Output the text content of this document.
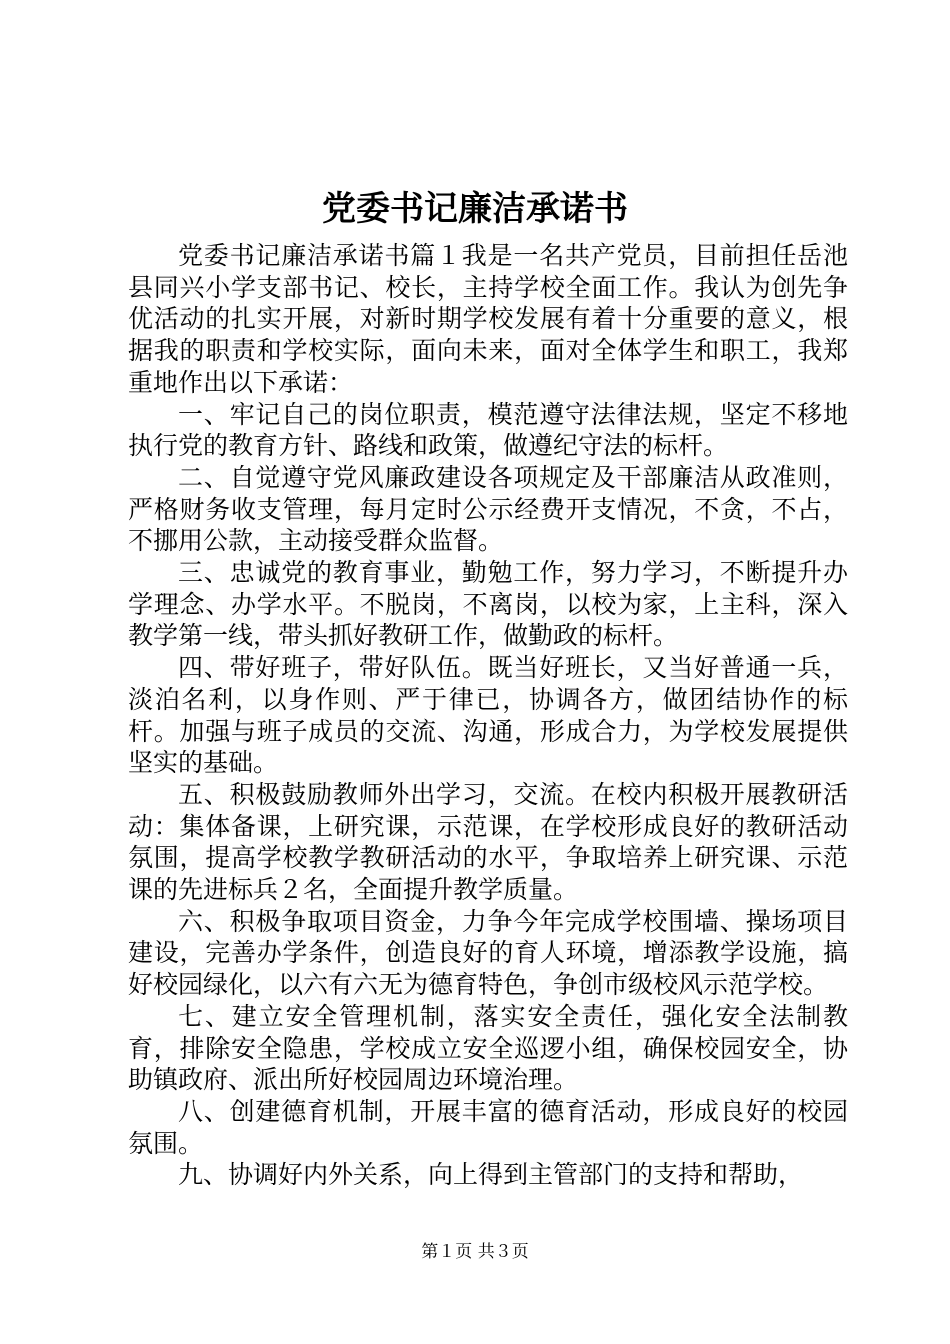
党委书记廉洁承诺书

党委书记廉洁承诺书篇１我是一名共产党员，目前担任岳池县同兴小学支部书记、校长，主持学校全面工作。我认为创先争优活动的扎实开展，对新时期学校发展有着十分重要的意义，根据我的职责和学校实际，面向未来，面对全体学生和职工，我郑重地作出以下承诺：

一、牢记自己的岗位职责，模范遵守法律法规，坚定不移地执行党的教育方针、路线和政策，做遵纪守法的标杆。

二、自觉遵守党风廉政建设各项规定及干部廉洁从政准则，严格财务收支管理，每月定时公示经费开支情况，不贪，不占，不挪用公款，主动接受群众监督。

三、忠诚党的教育事业，勤勉工作，努力学习，不断提升办学理念、办学水平。不脱岗，不离岗，以校为家，上主科，深入教学第一线，带头抓好教研工作，做勤政的标杆。

四、带好班子，带好队伍。既当好班长，又当好普通一兵，淡泊名利，以身作则、严于律已，协调各方，做团结协作的标杆。加强与班子成员的交流、沟通，形成合力，为学校发展提供坚实的基础。

五、积极鼓励教师外出学习，交流。在校内积极开展教研活动：集体备课，上研究课，示范课，在学校形成良好的教研活动氛围，提高学校教学教研活动的水平，争取培养上研究课、示范课的先进标兵２名，全面提升教学质量。

六、积极争取项目资金，力争今年完成学校围墙、操场项目建设，完善办学条件，创造良好的育人环境，增添教学设施，搞好校园绿化，以六有六无为德育特色，争创市级校风示范学校。

七、建立安全管理机制，落实安全责任，强化安全法制教育，排除安全隐患，学校成立安全巡逻小组，确保校园安全，协助镇政府、派出所好校园周边环境治理。

八、创建德育机制，开展丰富的德育活动，形成良好的校园氛围。

九、协调好内外关系，向上得到主管部门的支持和帮助，

第１页 共３页
